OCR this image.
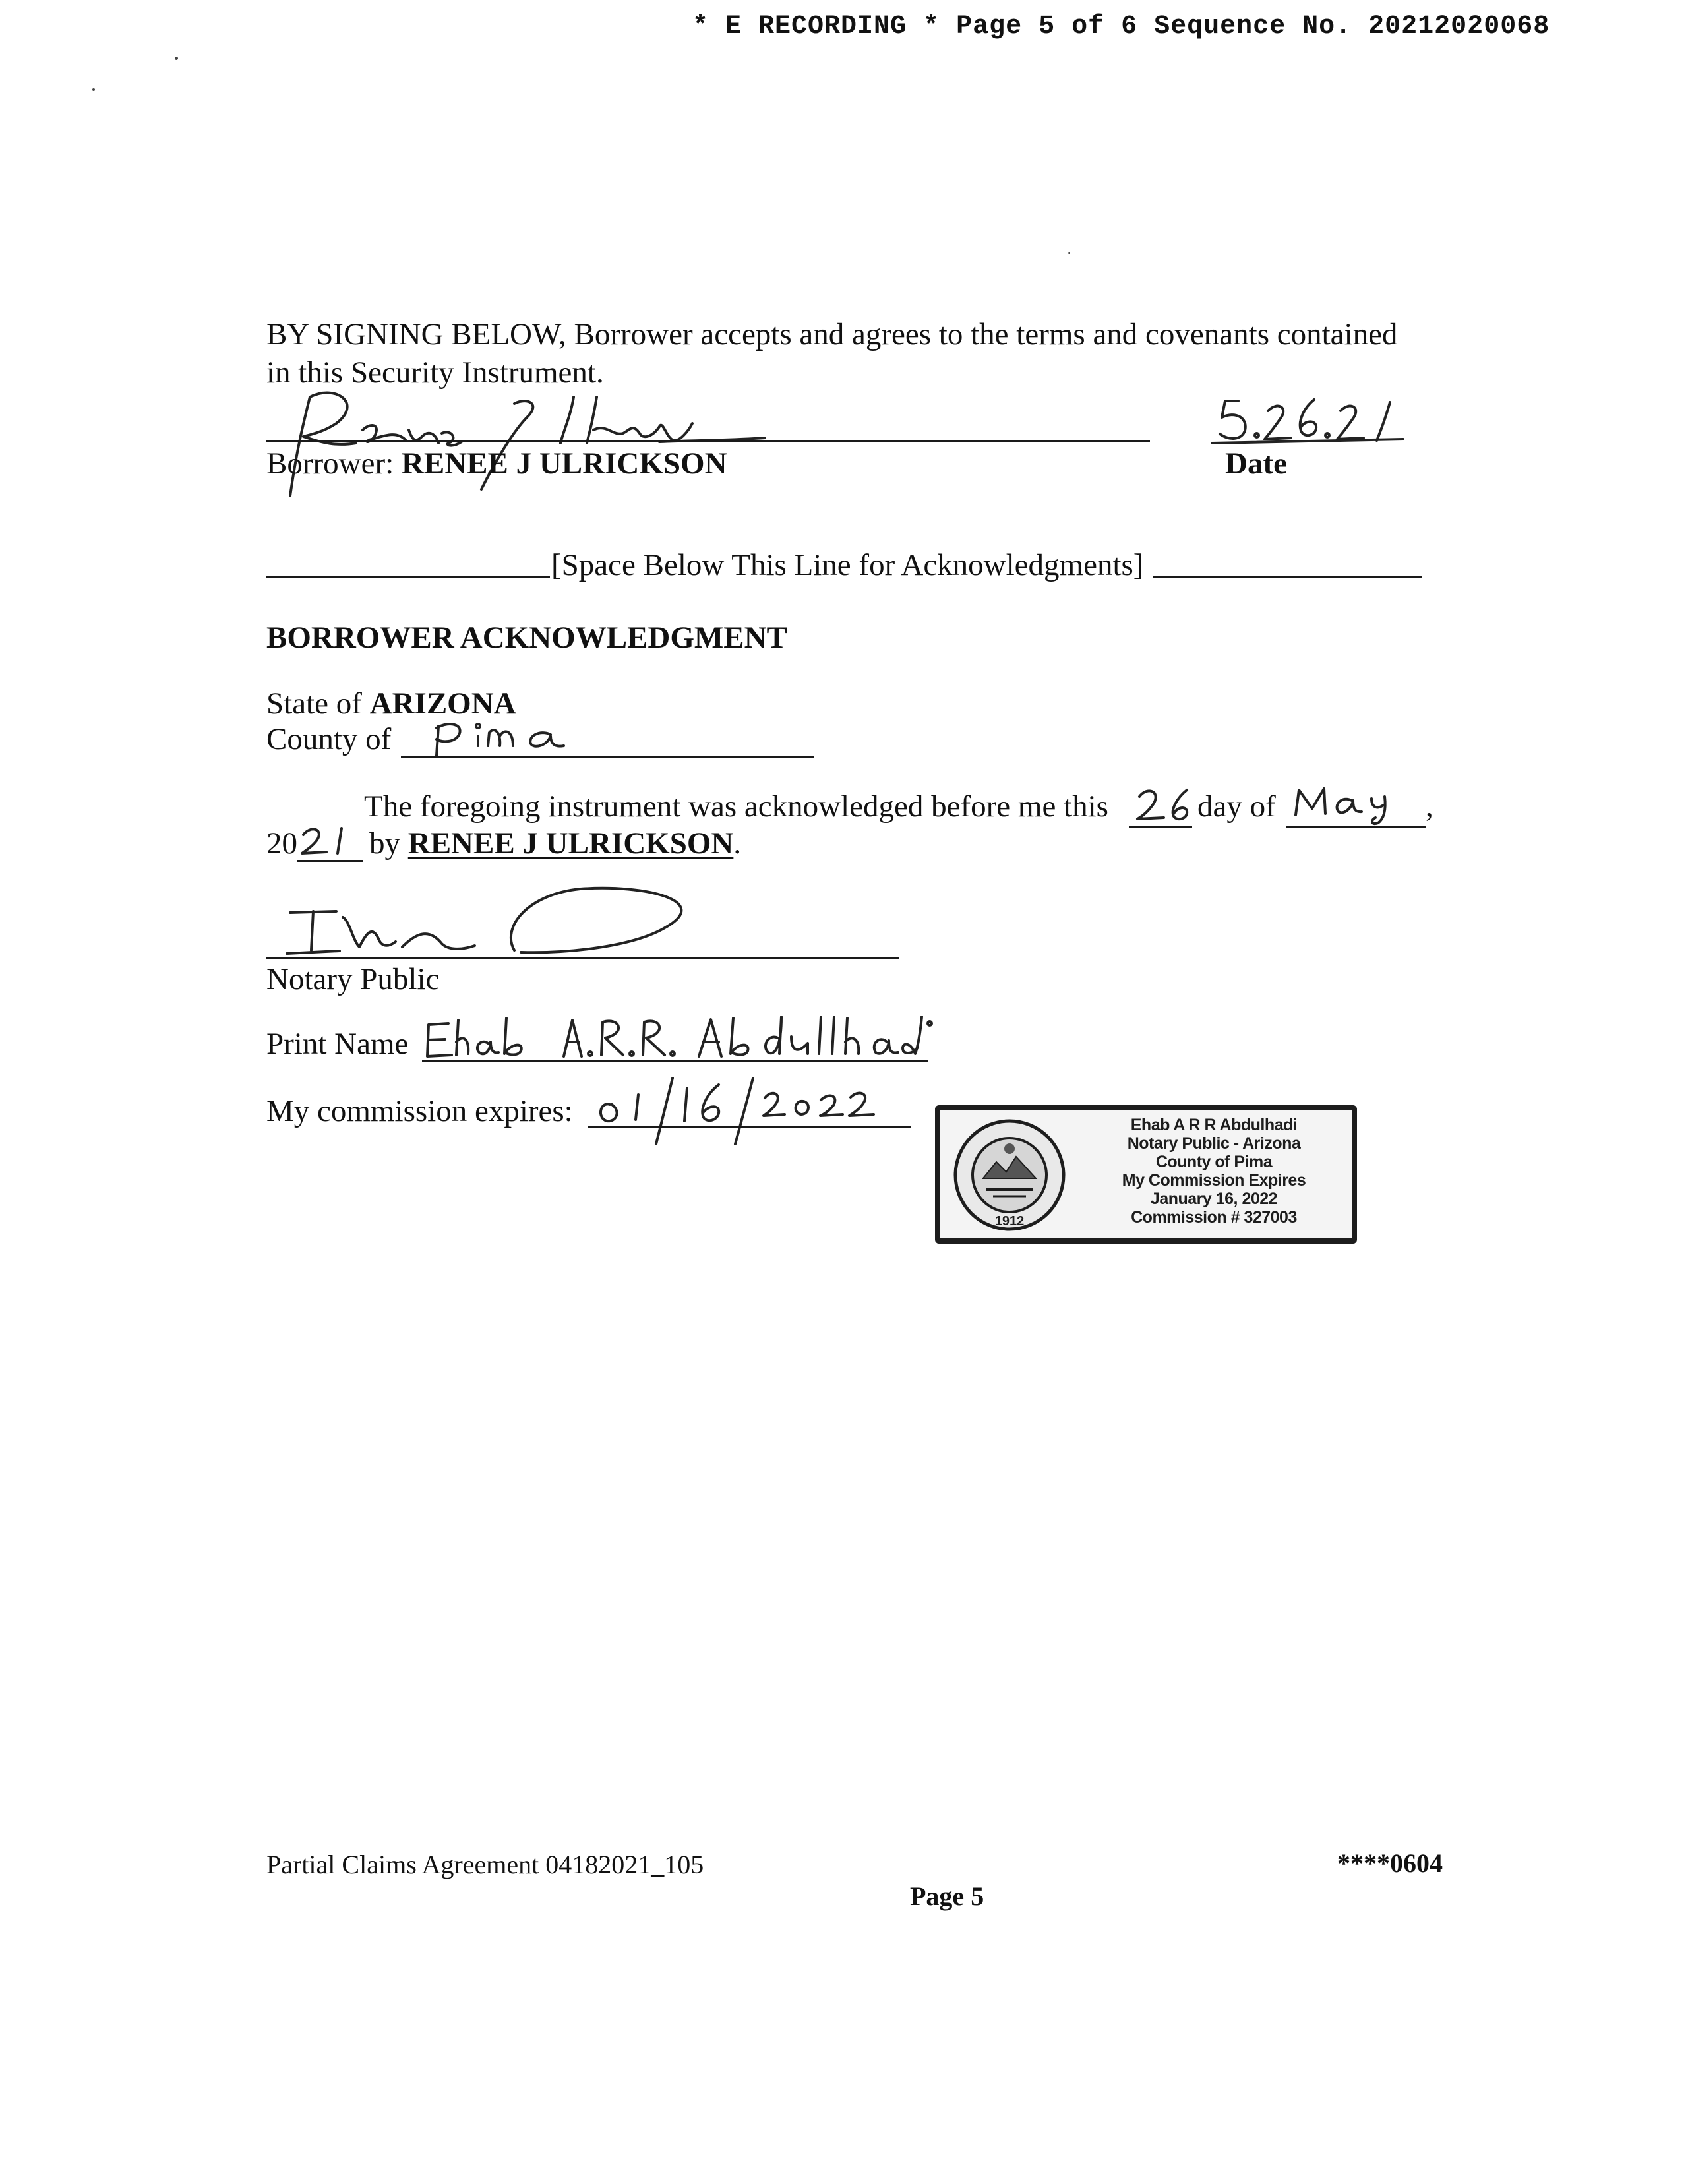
* E RECORDING * Page 5 of 6 Sequence No. 20212020068
BY SIGNING BELOW, Borrower accepts and agrees to the terms and covenants contained
in this Security Instrument.
Borrower: RENEE J ULRICKSON	Date
[Space Below This Line for Acknowledgments]
BORROWER ACKNOWLEDGMENT
State of ARIZONA
County of
The foregoing instrument was acknowledged before me this	day of	,
20 by RENEE J ULRICKSON.
Notary Public
Print Name
My commission expires:
1912
Ehab A R R Abdulhadi
Notary Public - Arizona
County of Pima
My Commission Expires
January 16, 2022
Commission # 327003
Partial Claims Agreement 04182021_105	****0604
Page 5
